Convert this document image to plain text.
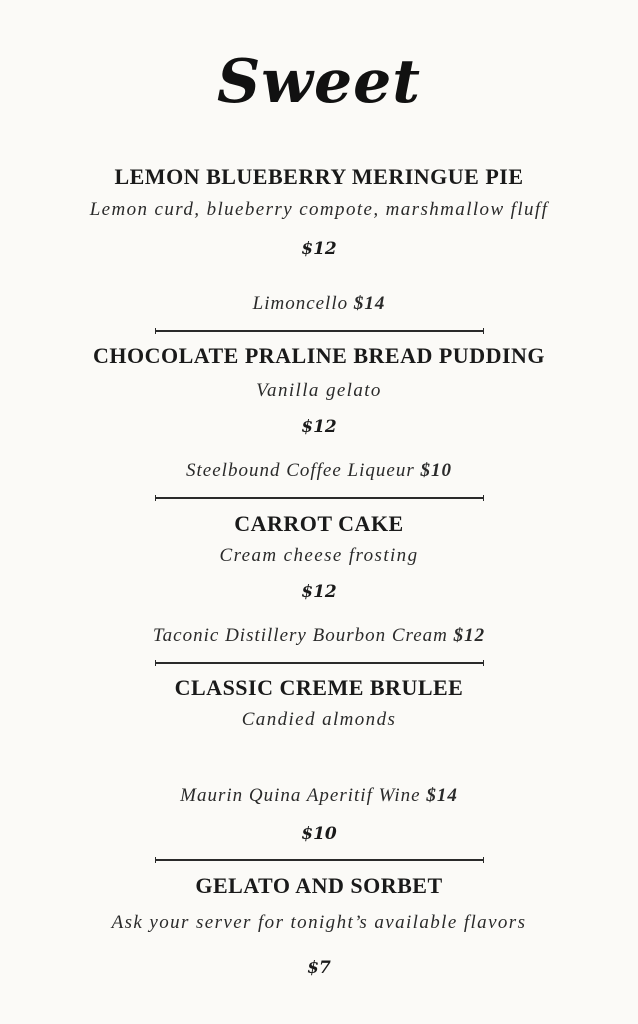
Sweet
LEMON BLUEBERRY MERINGUE PIE
Lemon curd, blueberry compote, marshmallow fluff
$12
Limoncello $14
CHOCOLATE PRALINE BREAD PUDDING
Vanilla gelato
$12
Steelbound Coffee Liqueur $10
CARROT CAKE
Cream cheese frosting
$12
Taconic Distillery Bourbon Cream $12
CLASSIC CREME BRULEE
Candied almonds
Maurin Quina Aperitif Wine $14
$10
GELATO AND SORBET
Ask your server for tonight’s available flavors
$7
